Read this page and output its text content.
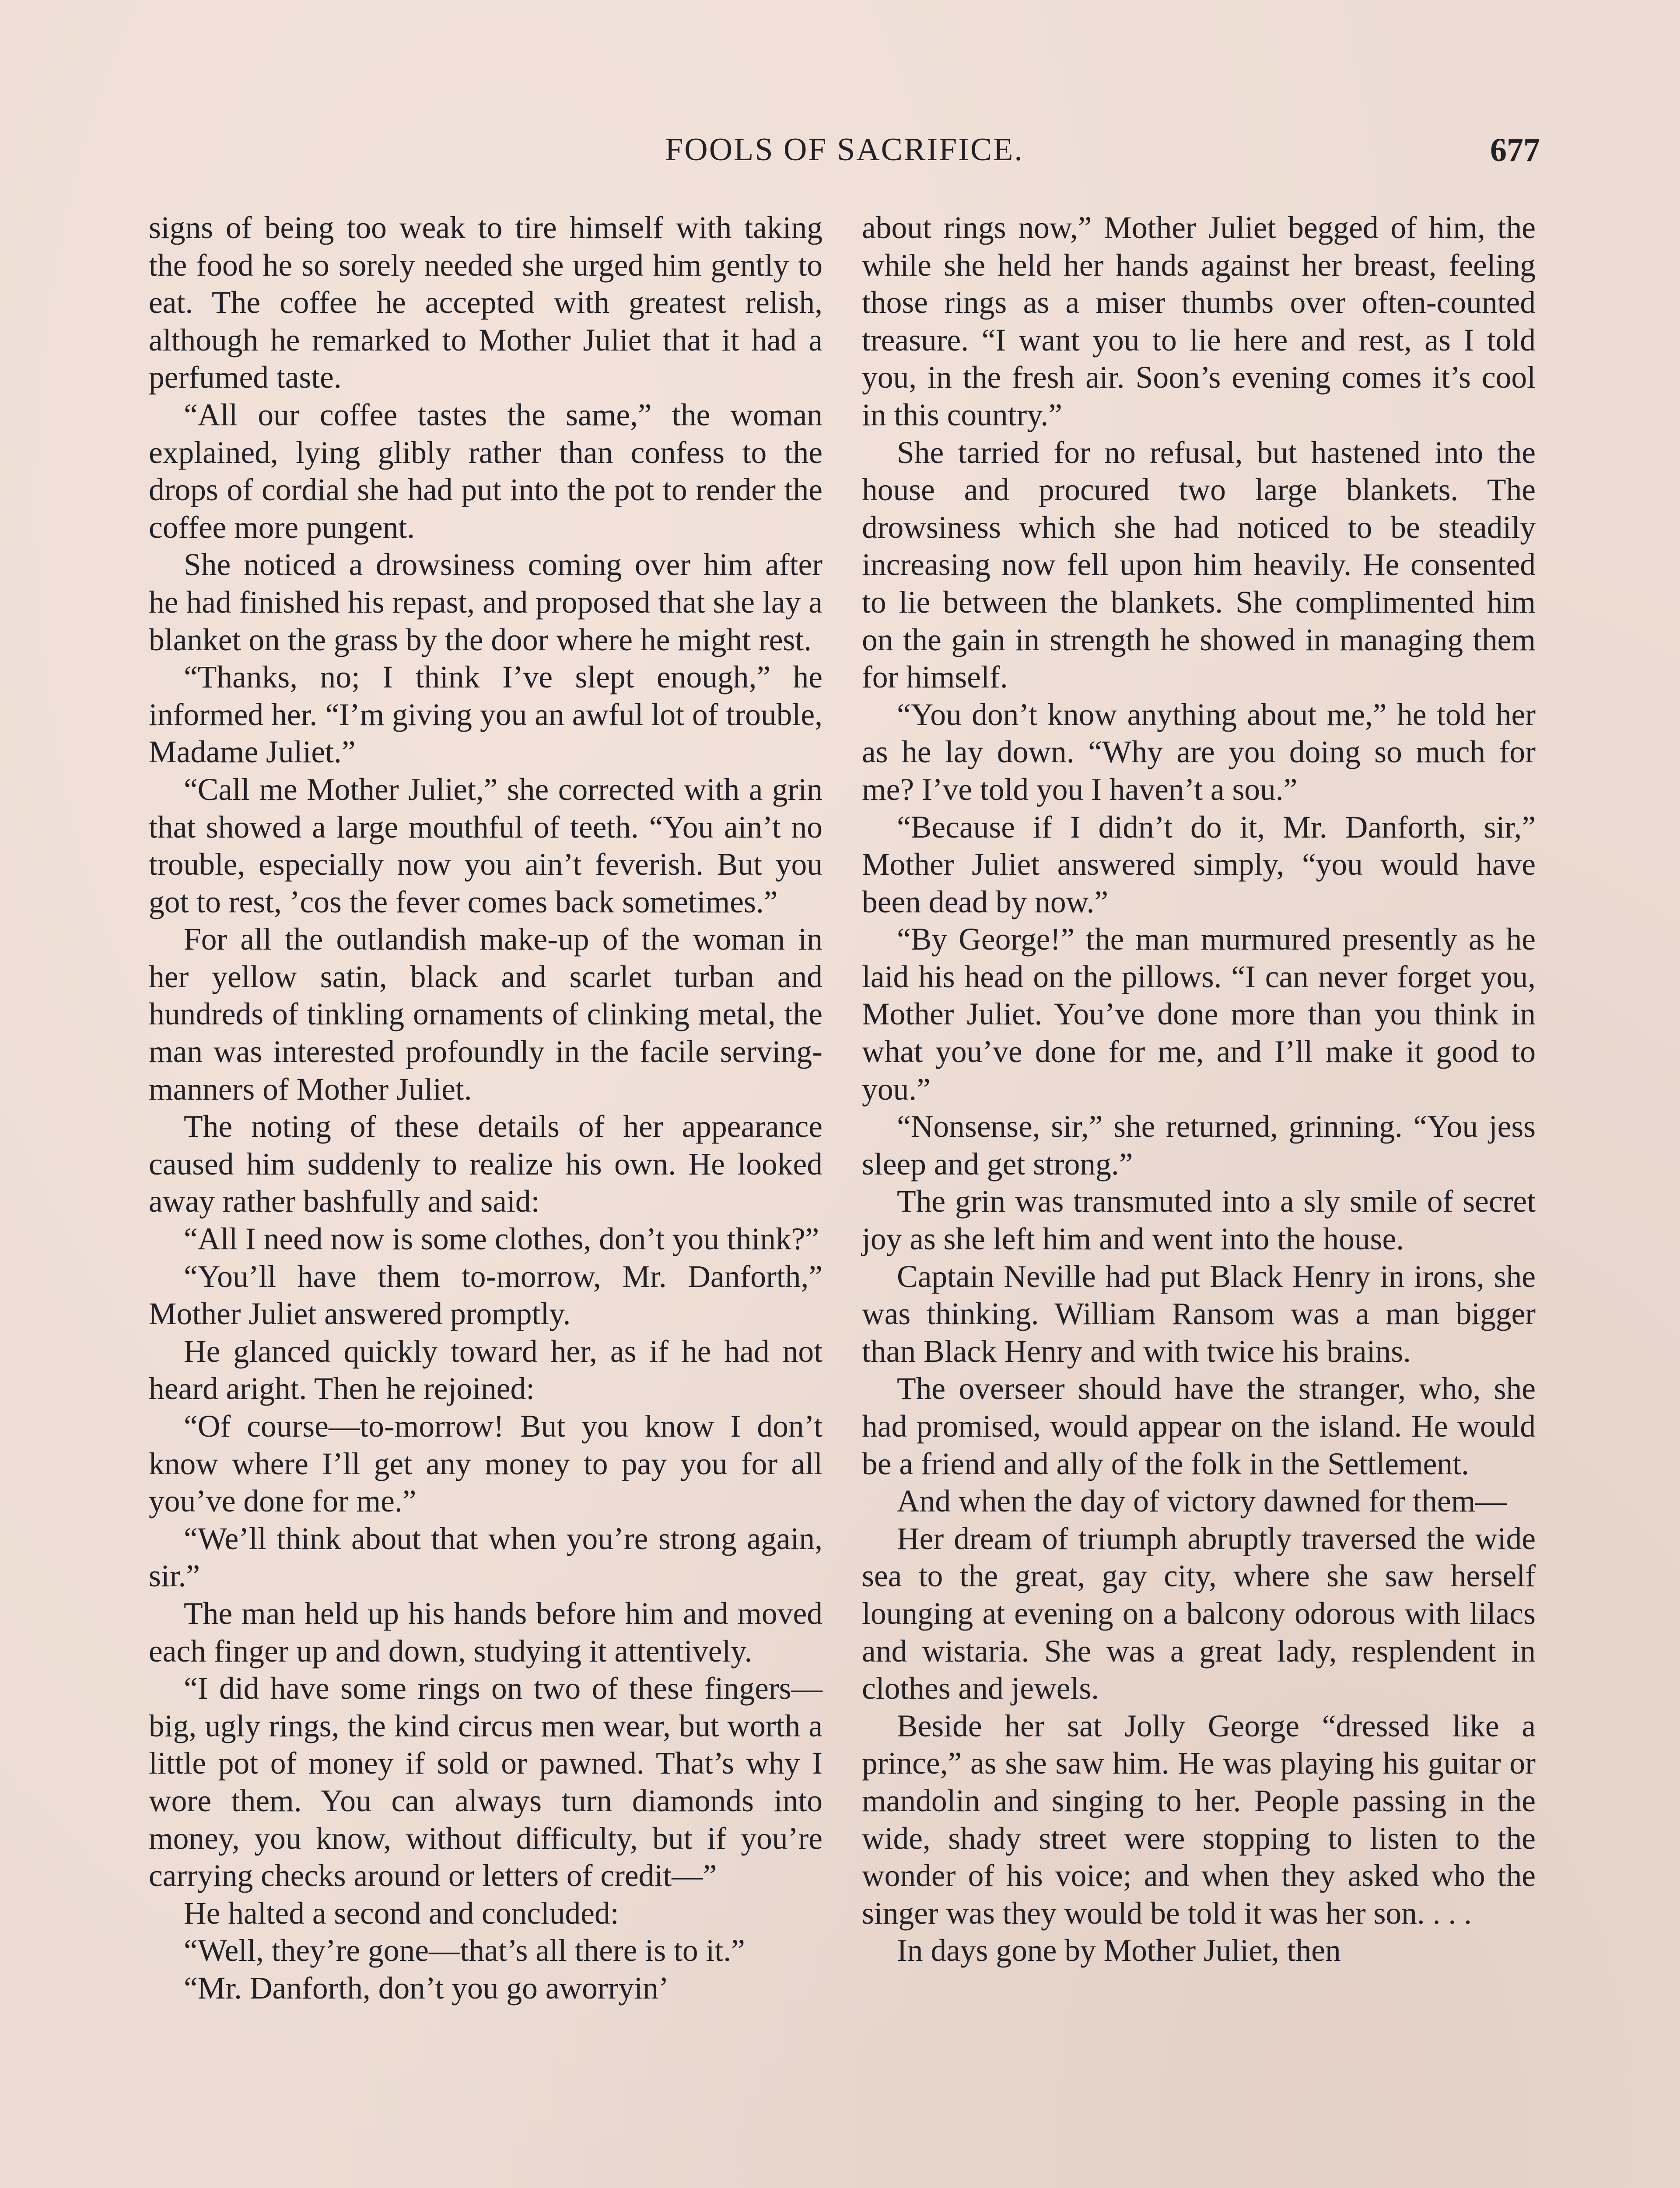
FOOLS OF SACRIFICE.	677

signs of being too weak to tire himself with taking the food he so sorely needed she urged him gently to eat. The coffee he accepted with greatest relish, although he remarked to Mother Juliet that it had a perfumed taste.

“All our coffee tastes the same,” the woman explained, lying glibly rather than confess to the drops of cordial she had put into the pot to render the coffee more pungent.

She noticed a drowsiness coming over him after he had finished his repast, and proposed that she lay a blanket on the grass by the door where he might rest.

“Thanks, no; I think I’ve slept enough,” he informed her. “I’m giving you an awful lot of trouble, Madame Juliet.”

“Call me Mother Juliet,” she corrected with a grin that showed a large mouthful of teeth. “You ain’t no trouble, especially now you ain’t feverish. But you got to rest, ’cos the fever comes back sometimes.”

For all the outlandish make-up of the woman in her yellow satin, black and scarlet turban and hundreds of tinkling ornaments of clinking metal, the man was interested profoundly in the facile serving-manners of Mother Juliet.

The noting of these details of her appearance caused him suddenly to realize his own. He looked away rather bashfully and said:

“All I need now is some clothes, don’t you think?”

“You’ll have them to-morrow, Mr. Danforth,” Mother Juliet answered promptly.

He glanced quickly toward her, as if he had not heard aright. Then he rejoined:

“Of course—to-morrow! But you know I don’t know where I’ll get any money to pay you for all you’ve done for me.”

“We’ll think about that when you’re strong again, sir.”

The man held up his hands before him and moved each finger up and down, studying it attentively.

“I did have some rings on two of these fingers—big, ugly rings, the kind circus men wear, but worth a little pot of money if sold or pawned. That’s why I wore them. You can always turn diamonds into money, you know, without difficulty, but if you’re carrying checks around or letters of credit—”

He halted a second and concluded:

“Well, they’re gone—that’s all there is to it.”

“Mr. Danforth, don’t you go aworryin’

about rings now,” Mother Juliet begged of him, the while she held her hands against her breast, feeling those rings as a miser thumbs over often-counted treasure. “I want you to lie here and rest, as I told you, in the fresh air. Soon’s evening comes it’s cool in this country.”

She tarried for no refusal, but hastened into the house and procured two large blankets. The drowsiness which she had noticed to be steadily increasing now fell upon him heavily. He consented to lie between the blankets. She complimented him on the gain in strength he showed in managing them for himself.

“You don’t know anything about me,” he told her as he lay down. “Why are you doing so much for me? I’ve told you I haven’t a sou.”

“Because if I didn’t do it, Mr. Danforth, sir,” Mother Juliet answered simply, “you would have been dead by now.”

“By George!” the man murmured presently as he laid his head on the pillows. “I can never forget you, Mother Juliet. You’ve done more than you think in what you’ve done for me, and I’ll make it good to you.”

“Nonsense, sir,” she returned, grinning. “You jess sleep and get strong.”

The grin was transmuted into a sly smile of secret joy as she left him and went into the house.

Captain Neville had put Black Henry in irons, she was thinking. William Ransom was a man bigger than Black Henry and with twice his brains.

The overseer should have the stranger, who, she had promised, would appear on the island. He would be a friend and ally of the folk in the Settlement.

And when the day of victory dawned for them—

Her dream of triumph abruptly traversed the wide sea to the great, gay city, where she saw herself lounging at evening on a balcony odorous with lilacs and wistaria. She was a great lady, resplendent in clothes and jewels.

Beside her sat Jolly George “dressed like a prince,” as she saw him. He was playing his guitar or mandolin and singing to her. People passing in the wide, shady street were stopping to listen to the wonder of his voice; and when they asked who the singer was they would be told it was her son. . . .

In days gone by Mother Juliet, then
